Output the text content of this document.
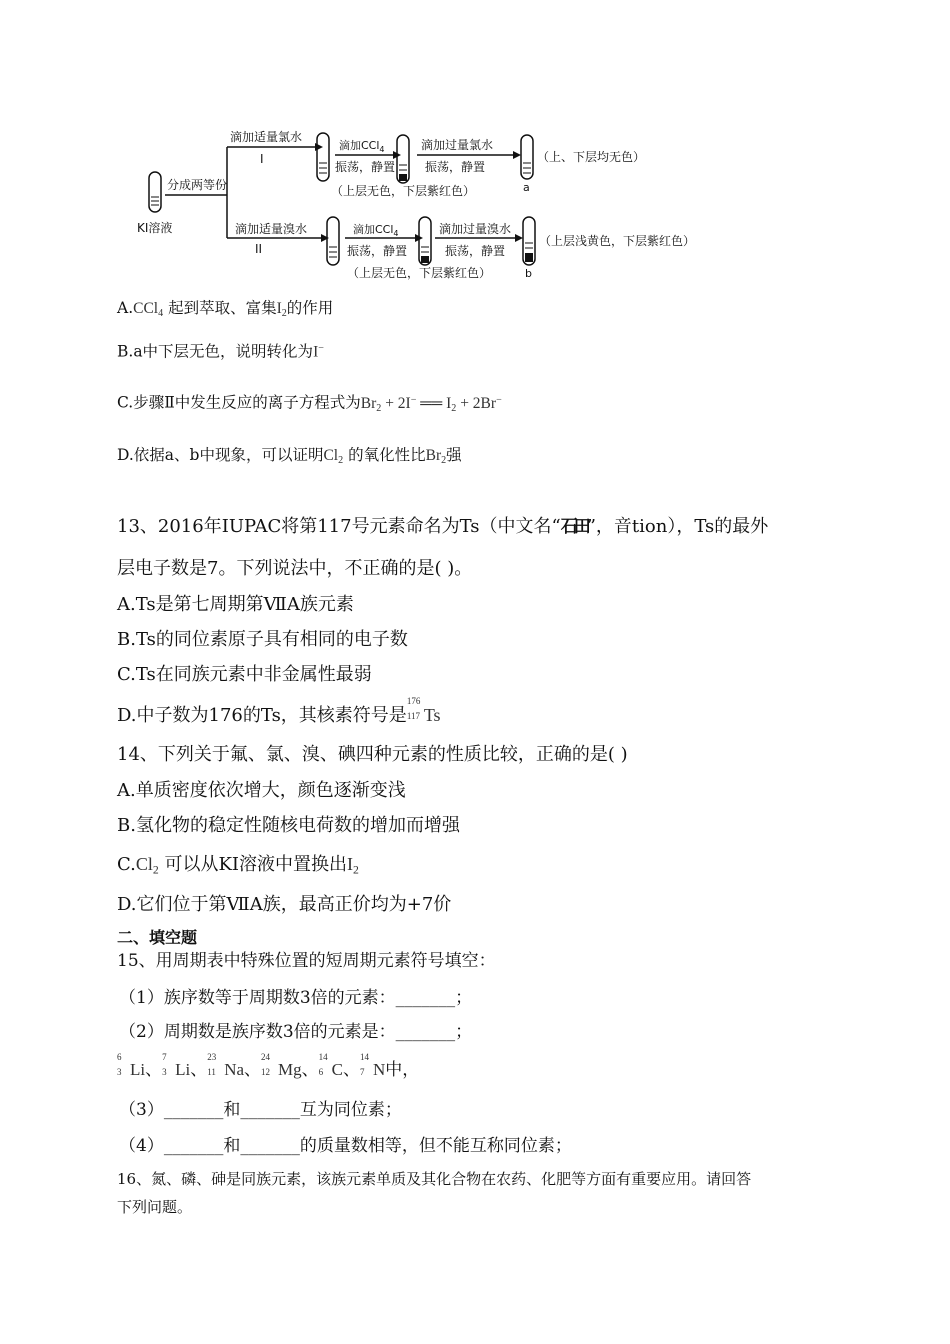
KI溶液
分成两等份
滴加适量氯水
I
滴加CCl$_4$
振荡，静置
（上层无色，下层紫红色）
滴加过量氯水
振荡，静置
a
（上、下层均无色）
滴加适量溴水
II
滴加CCl$_4$
振荡，静置
（上层无色，下层紫红色）
滴加过量溴水
振荡，静置
b
（上层浅黄色，下层紫红色）
A.CCl$_4$ 起到萃取、富集$I_2$的作用
B.a中下层无色，说明转化为I−
C.步骤Ⅱ中发生反应的离子方程式为$Br_2 + 2I^-$ ══ $I_2 + 2Br^-$
D.依据a、b中现象，可以证明$Cl_2$ 的氧化性比$Br_2$强
13、2016年IUPAC将第117号元素命名为Ts（中文名“石田”，音tion），Ts的最外
层电子数是7。下列说法中，不正确的是( )。
A.Ts是第七周期第ⅦA族元素
B.Ts的同位素原子具有相同的电子数
C.Ts在同族元素中非金属性最弱
D.中子数为176的Ts，其核素符号是
176
117 Ts
14、下列关于氟、氯、溴、碘四种元素的性质比较，正确的是( )
A.单质密度依次增大，颜色逐渐变浅
B.氢化物的稳定性随核电荷数的增加而增强
$C.Cl_2$ 可以从KI溶液中置换出$I_2$
D.它们位于第ⅦA族，最高正价均为+7价
二、填空题
15、用周期表中特殊位置的短周期元素符号填空：
（1）族序数等于周期数3倍的元素：_______；
（2）周期数是族序数3倍的元素是：_______；
6
3 Li、
7
3 Li、
23
11 Na、
24
12 Mg、
14
6 C、
14
7 N中，
（3）_______和_______互为同位素；
（4）_______和_______的质量数相等，但不能互称同位素；
16、氮、磷、砷是同族元素，该族元素单质及其化合物在农药、化肥等方面有重要应用。请回答
下列问题。
